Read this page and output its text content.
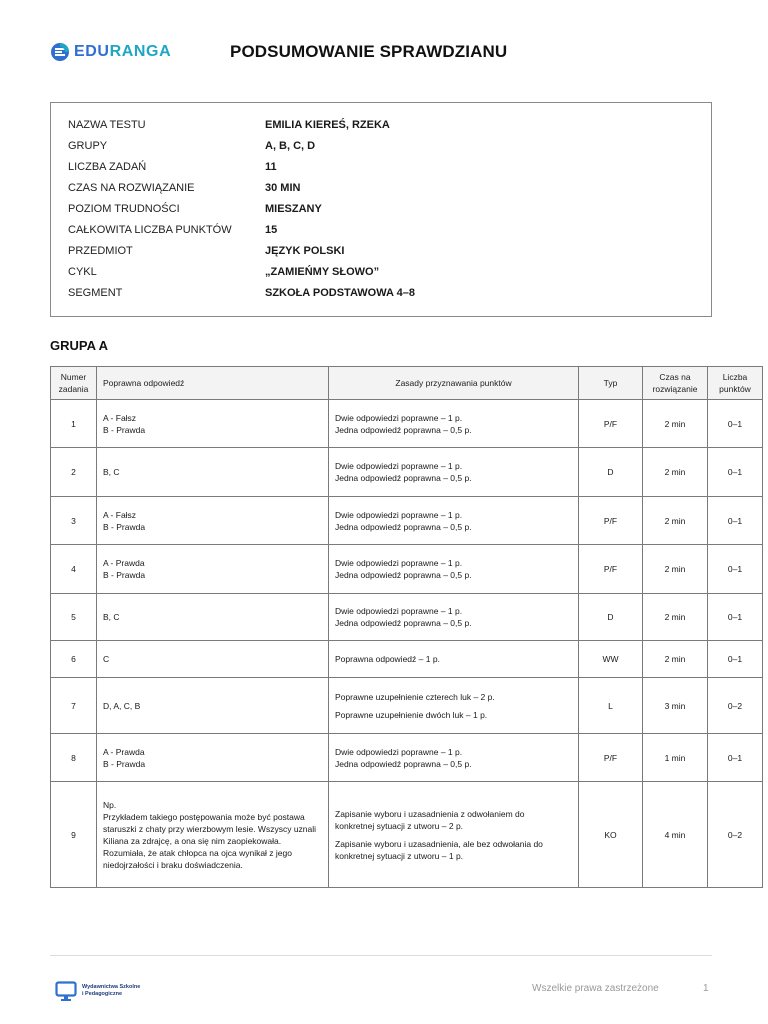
EDURANGA	PODSUMOWANIE SPRAWDZIANU
NAZWA TESTU	EMILIA KIEREŚ, RZEKA
GRUPY	A, B, C, D
LICZBA ZADAŃ	11
CZAS NA ROZWIĄZANIE	30 MIN
POZIOM TRUDNOŚCI	MIESZANY
CAŁKOWITA LICZBA PUNKTÓW	15
PRZEDMIOT	JĘZYK POLSKI
CYKL	„ZAMIEŃMY SŁOWO”
SEGMENT	SZKOŁA PODSTAWOWA 4–8
GRUPA A
Numer
zadania	Poprawna odpowiedź	Zasady przyznawania punktów	Typ	Czas na
rozwiązanie	Liczba
punktów

1	A - Fałsz
B - Prawda	Dwie odpowiedzi poprawne – 1 p.
Jedna odpowiedź poprawna – 0,5 p.	P/F	2 min	0–1
2	B, C	Dwie odpowiedzi poprawne – 1 p.
Jedna odpowiedź poprawna – 0,5 p.	D	2 min	0–1
3	A - Fałsz
B - Prawda	Dwie odpowiedzi poprawne – 1 p.
Jedna odpowiedź poprawna – 0,5 p.	P/F	2 min	0–1
4	A - Prawda
B - Prawda	Dwie odpowiedzi poprawne – 1 p.
Jedna odpowiedź poprawna – 0,5 p.	P/F	2 min	0–1
5	B, C	Dwie odpowiedzi poprawne – 1 p.
Jedna odpowiedź poprawna – 0,5 p.	D	2 min	0–1
6	C	Poprawna odpowiedź – 1 p.	WW	2 min	0–1
7	D, A, C, B	Poprawne uzupełnienie czterech luk – 2 p.
Poprawne uzupełnienie dwóch luk – 1 p.	L	3 min	0–2
8	A - Prawda
B - Prawda	Dwie odpowiedzi poprawne – 1 p.
Jedna odpowiedź poprawna – 0,5 p.	P/F	1 min	0–1
9	Np.
Przykładem takiego postępowania może być postawa staruszki z chaty przy wierzbowym lesie. Wszyscy uznali Kiliana za zdrajcę, a ona się nim zaopiekowała. Rozumiała, że atak chłopca na ojca wynikał z jego niedojrzałości i braku doświadczenia.	Zapisanie wyboru i uzasadnienia z odwołaniem do konkretnej sytuacji z utworu – 2 p.
Zapisanie wyboru i uzasadnienia, ale bez odwołania do konkretnej sytuacji z utworu – 1 p.	KO	4 min	0–2
Wydawnictwa Szkolne
i Pedagogiczne	Wszelkie prawa zastrzeżone	1
